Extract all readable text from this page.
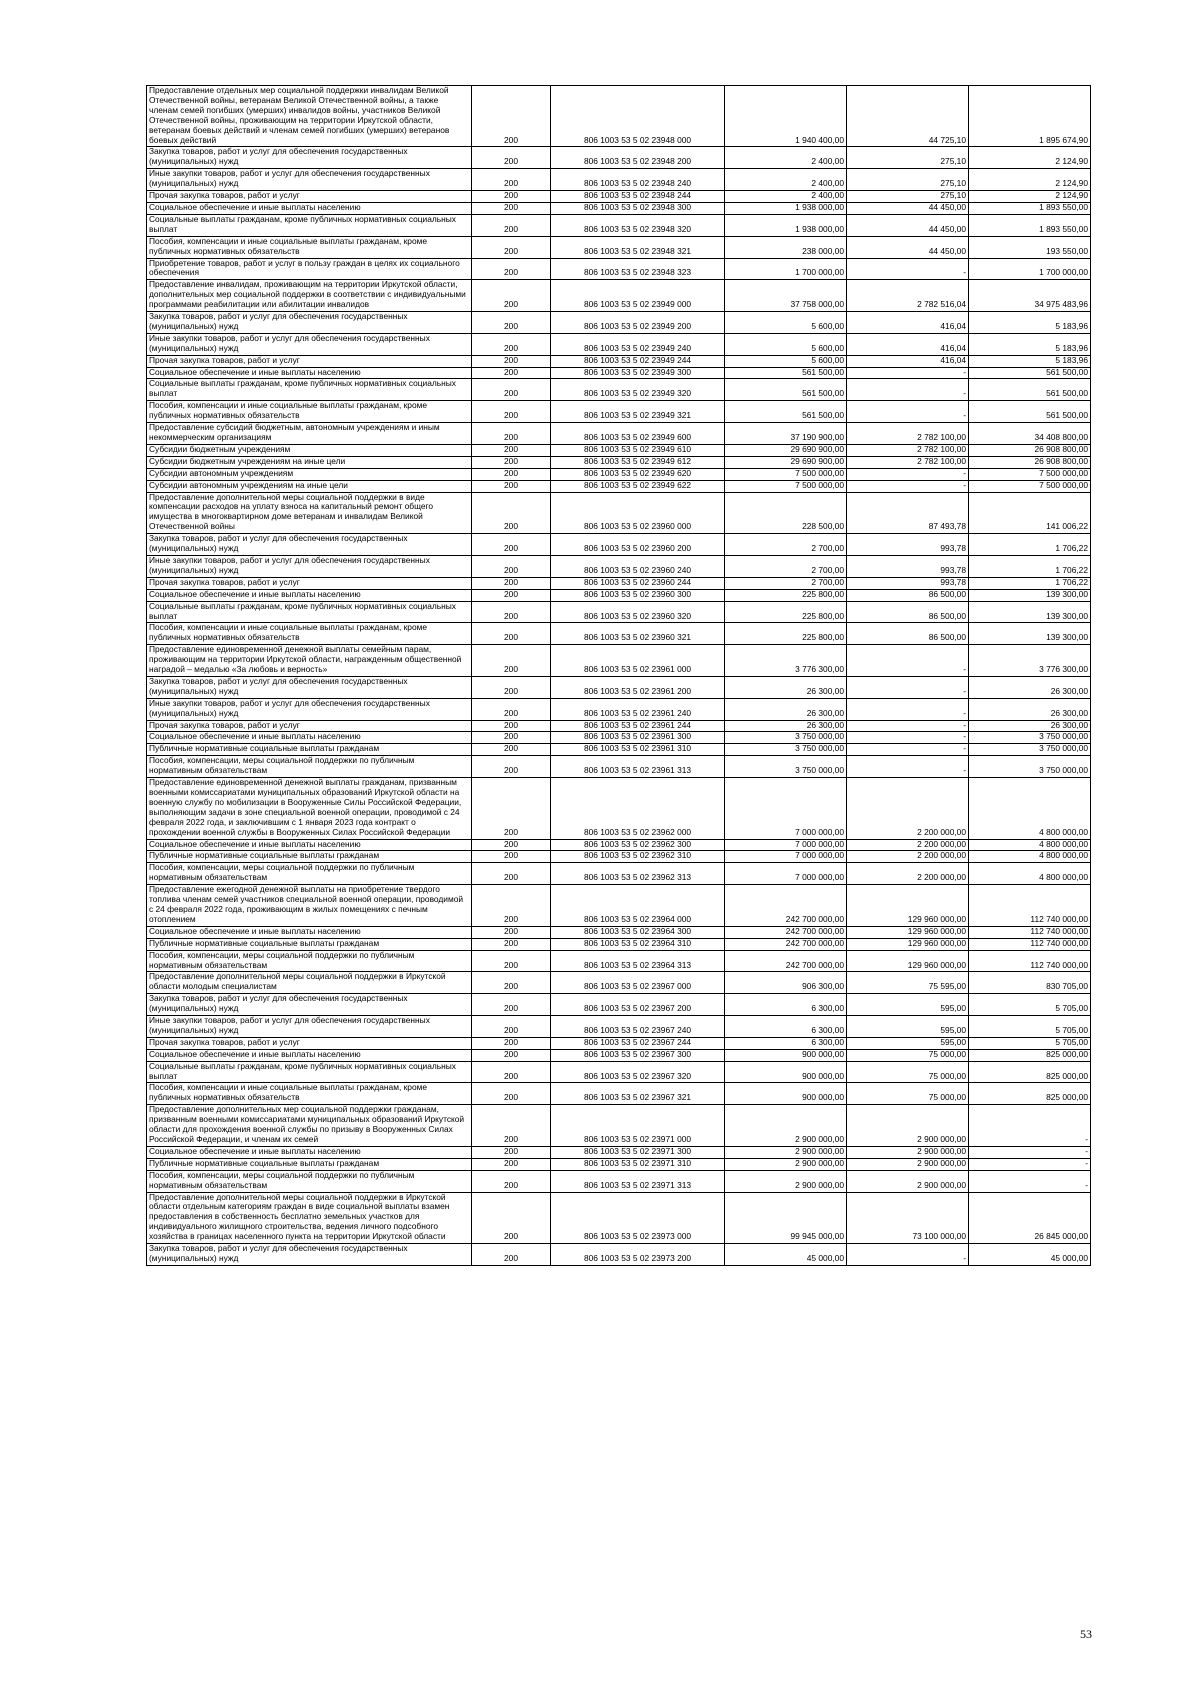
Предоставление отдельных мер социальной поддержки инвалидам Великой Отечественной войны, ветеранам Великой Отечественной войны, а также членам семей погибших (умерших) инвалидов войны, участников Великой Отечественной войны, проживающим на территории Иркутской области, ветеранам боевых действий и членам семей погибших (умерших) ветеранов боевых действий	200	806 1003 53 5 02 23948 000	1 940 400,00	44 725,10	1 895 674,90
Закупка товаров, работ и услуг для обеспечения государственных (муниципальных) нужд	200	806 1003 53 5 02 23948 200	2 400,00	275,10	2 124,90
Иные закупки товаров, работ и услуг для обеспечения государственных (муниципальных) нужд	200	806 1003 53 5 02 23948 240	2 400,00	275,10	2 124,90
Прочая закупка товаров, работ и услуг	200	806 1003 53 5 02 23948 244	2 400,00	275,10	2 124,90
Социальное обеспечение и иные выплаты населению	200	806 1003 53 5 02 23948 300	1 938 000,00	44 450,00	1 893 550,00
Социальные выплаты гражданам, кроме публичных нормативных социальных выплат	200	806 1003 53 5 02 23948 320	1 938 000,00	44 450,00	1 893 550,00
Пособия, компенсации и иные социальные выплаты гражданам, кроме публичных нормативных обязательств	200	806 1003 53 5 02 23948 321	238 000,00	44 450,00	193 550,00
Приобретение товаров, работ и услуг в пользу граждан в целях их социального обеспечения	200	806 1003 53 5 02 23948 323	1 700 000,00	-	1 700 000,00
Предоставление инвалидам, проживающим на территории Иркутской области, дополнительных мер социальной поддержки в соответствии с индивидуальными программами реабилитации или абилитации инвалидов	200	806 1003 53 5 02 23949 000	37 758 000,00	2 782 516,04	34 975 483,96
Закупка товаров, работ и услуг для обеспечения государственных (муниципальных) нужд	200	806 1003 53 5 02 23949 200	5 600,00	416,04	5 183,96
Иные закупки товаров, работ и услуг для обеспечения государственных (муниципальных) нужд	200	806 1003 53 5 02 23949 240	5 600,00	416,04	5 183,96
Прочая закупка товаров, работ и услуг	200	806 1003 53 5 02 23949 244	5 600,00	416,04	5 183,96
Социальное обеспечение и иные выплаты населению	200	806 1003 53 5 02 23949 300	561 500,00	-	561 500,00
Социальные выплаты гражданам, кроме публичных нормативных социальных выплат	200	806 1003 53 5 02 23949 320	561 500,00	-	561 500,00
Пособия, компенсации и иные социальные выплаты гражданам, кроме публичных нормативных обязательств	200	806 1003 53 5 02 23949 321	561 500,00	-	561 500,00
Предоставление субсидий бюджетным, автономным учреждениям и иным некоммерческим организациям	200	806 1003 53 5 02 23949 600	37 190 900,00	2 782 100,00	34 408 800,00
Субсидии бюджетным учреждениям	200	806 1003 53 5 02 23949 610	29 690 900,00	2 782 100,00	26 908 800,00
Субсидии бюджетным учреждениям на иные цели	200	806 1003 53 5 02 23949 612	29 690 900,00	2 782 100,00	26 908 800,00
Субсидии автономным учреждениям	200	806 1003 53 5 02 23949 620	7 500 000,00	-	7 500 000,00
Субсидии автономным учреждениям на иные цели	200	806 1003 53 5 02 23949 622	7 500 000,00	-	7 500 000,00
Предоставление дополнительной меры социальной поддержки в виде компенсации расходов на уплату взноса на капитальный ремонт общего имущества в многоквартирном доме ветеранам и инвалидам Великой Отечественной войны	200	806 1003 53 5 02 23960 000	228 500,00	87 493,78	141 006,22
Закупка товаров, работ и услуг для обеспечения государственных (муниципальных) нужд	200	806 1003 53 5 02 23960 200	2 700,00	993,78	1 706,22
Иные закупки товаров, работ и услуг для обеспечения государственных (муниципальных) нужд	200	806 1003 53 5 02 23960 240	2 700,00	993,78	1 706,22
Прочая закупка товаров, работ и услуг	200	806 1003 53 5 02 23960 244	2 700,00	993,78	1 706,22
Социальное обеспечение и иные выплаты населению	200	806 1003 53 5 02 23960 300	225 800,00	86 500,00	139 300,00
Социальные выплаты гражданам, кроме публичных нормативных социальных выплат	200	806 1003 53 5 02 23960 320	225 800,00	86 500,00	139 300,00
Пособия, компенсации и иные социальные выплаты гражданам, кроме публичных нормативных обязательств	200	806 1003 53 5 02 23960 321	225 800,00	86 500,00	139 300,00
Предоставление единовременной денежной выплаты семейным парам, проживающим на территории Иркутской области, награжденным общественной наградой – медалью «За любовь и верность»	200	806 1003 53 5 02 23961 000	3 776 300,00	-	3 776 300,00
Закупка товаров, работ и услуг для обеспечения государственных (муниципальных) нужд	200	806 1003 53 5 02 23961 200	26 300,00	-	26 300,00
Иные закупки товаров, работ и услуг для обеспечения государственных (муниципальных) нужд	200	806 1003 53 5 02 23961 240	26 300,00	-	26 300,00
Прочая закупка товаров, работ и услуг	200	806 1003 53 5 02 23961 244	26 300,00	-	26 300,00
Социальное обеспечение и иные выплаты населению	200	806 1003 53 5 02 23961 300	3 750 000,00	-	3 750 000,00
Публичные нормативные социальные выплаты гражданам	200	806 1003 53 5 02 23961 310	3 750 000,00	-	3 750 000,00
Пособия, компенсации, меры социальной поддержки по публичным нормативным обязательствам	200	806 1003 53 5 02 23961 313	3 750 000,00	-	3 750 000,00
Предоставление единовременной денежной выплаты гражданам, призванным военными комиссариатами муниципальных образований Иркутской области на военную службу по мобилизации в Вооруженные Силы Российской Федерации, выполняющим задачи в зоне специальной военной операции, проводимой с 24 февраля 2022 года, и заключившим с 1 января 2023 года контракт о прохождении военной службы в Вооруженных Силах Российской Федерации	200	806 1003 53 5 02 23962 000	7 000 000,00	2 200 000,00	4 800 000,00
Социальное обеспечение и иные выплаты населению	200	806 1003 53 5 02 23962 300	7 000 000,00	2 200 000,00	4 800 000,00
Публичные нормативные социальные выплаты гражданам	200	806 1003 53 5 02 23962 310	7 000 000,00	2 200 000,00	4 800 000,00
Пособия, компенсации, меры социальной поддержки по публичным нормативным обязательствам	200	806 1003 53 5 02 23962 313	7 000 000,00	2 200 000,00	4 800 000,00
Предоставление ежегодной денежной выплаты на приобретение твердого топлива членам семей участников специальной военной операции, проводимой с 24 февраля 2022 года, проживающим в жилых помещениях с печным отоплением	200	806 1003 53 5 02 23964 000	242 700 000,00	129 960 000,00	112 740 000,00
Социальное обеспечение и иные выплаты населению	200	806 1003 53 5 02 23964 300	242 700 000,00	129 960 000,00	112 740 000,00
Публичные нормативные социальные выплаты гражданам	200	806 1003 53 5 02 23964 310	242 700 000,00	129 960 000,00	112 740 000,00
Пособия, компенсации, меры социальной поддержки по публичным нормативным обязательствам	200	806 1003 53 5 02 23964 313	242 700 000,00	129 960 000,00	112 740 000,00
Предоставление дополнительной меры социальной поддержки в Иркутской области молодым специалистам	200	806 1003 53 5 02 23967 000	906 300,00	75 595,00	830 705,00
Закупка товаров, работ и услуг для обеспечения государственных (муниципальных) нужд	200	806 1003 53 5 02 23967 200	6 300,00	595,00	5 705,00
Иные закупки товаров, работ и услуг для обеспечения государственных (муниципальных) нужд	200	806 1003 53 5 02 23967 240	6 300,00	595,00	5 705,00
Прочая закупка товаров, работ и услуг	200	806 1003 53 5 02 23967 244	6 300,00	595,00	5 705,00
Социальное обеспечение и иные выплаты населению	200	806 1003 53 5 02 23967 300	900 000,00	75 000,00	825 000,00
Социальные выплаты гражданам, кроме публичных нормативных социальных выплат	200	806 1003 53 5 02 23967 320	900 000,00	75 000,00	825 000,00
Пособия, компенсации и иные социальные выплаты гражданам, кроме публичных нормативных обязательств	200	806 1003 53 5 02 23967 321	900 000,00	75 000,00	825 000,00
Предоставление дополнительных мер социальной поддержки гражданам, призванным военными комиссариатами муниципальных образований Иркутской области для прохождения военной службы по призыву в Вооруженных Силах Российской Федерации, и членам их семей	200	806 1003 53 5 02 23971 000	2 900 000,00	2 900 000,00	-
Социальное обеспечение и иные выплаты населению	200	806 1003 53 5 02 23971 300	2 900 000,00	2 900 000,00	-
Публичные нормативные социальные выплаты гражданам	200	806 1003 53 5 02 23971 310	2 900 000,00	2 900 000,00	-
Пособия, компенсации, меры социальной поддержки по публичным нормативным обязательствам	200	806 1003 53 5 02 23971 313	2 900 000,00	2 900 000,00	-
Предоставление дополнительной меры социальной поддержки в Иркутской области отдельным категориям граждан в виде социальной выплаты взамен предоставления в собственность бесплатно земельных участков для индивидуального жилищного строительства, ведения личного подсобного хозяйства в границах населенного пункта на территории Иркутской области	200	806 1003 53 5 02 23973 000	99 945 000,00	73 100 000,00	26 845 000,00
Закупка товаров, работ и услуг для обеспечения государственных (муниципальных) нужд	200	806 1003 53 5 02 23973 200	45 000,00	-	45 000,00
53
